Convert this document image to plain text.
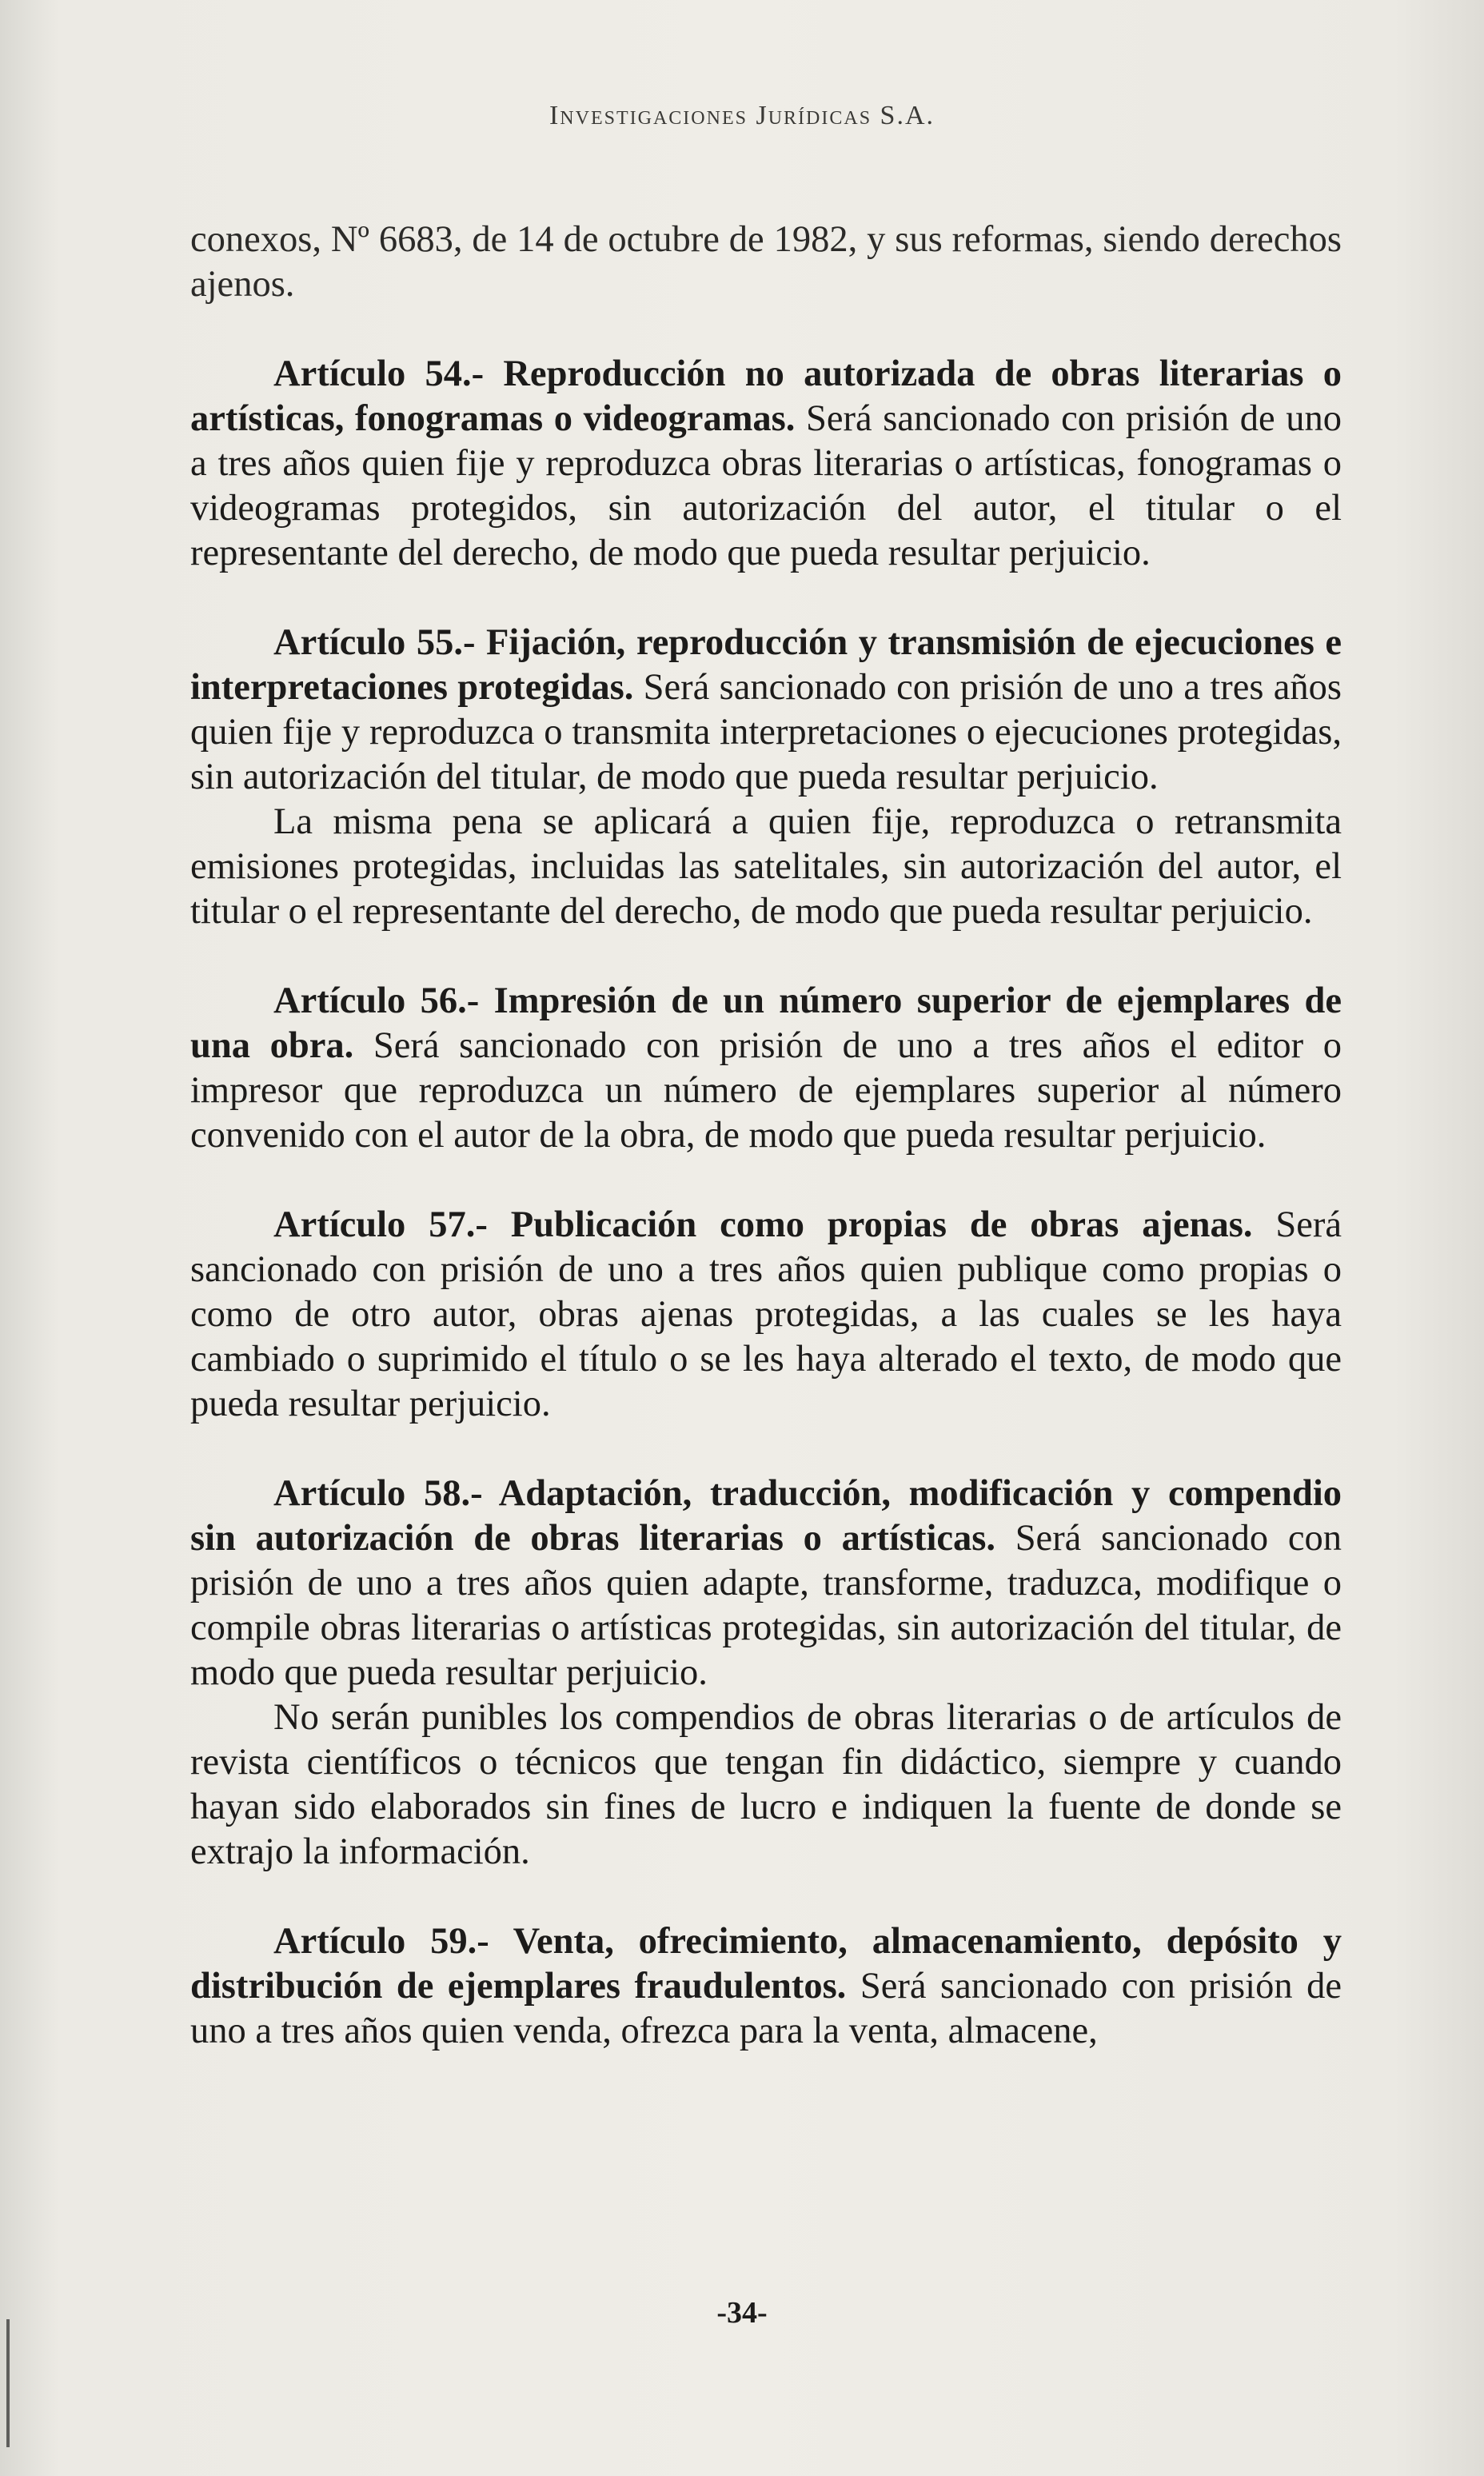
Investigaciones Jurídicas S.A.

conexos, Nº 6683, de 14 de octubre de 1982, y sus reformas, siendo derechos ajenos.

Artículo 54.- Reproducción no autorizada de obras literarias o artísticas, fonogramas o videogramas. Será sancionado con prisión de uno a tres años quien fije y reproduzca obras literarias o artísticas, fonogramas o videogramas protegidos, sin autorización del autor, el titular o el representante del derecho, de modo que pueda resultar perjuicio.

Artículo 55.- Fijación, reproducción y transmisión de ejecuciones e interpretaciones protegidas. Será sancionado con prisión de uno a tres años quien fije y reproduzca o transmita interpretaciones o ejecuciones protegidas, sin autorización del titular, de modo que pueda resultar perjuicio.

La misma pena se aplicará a quien fije, reproduzca o retransmita emisiones protegidas, incluidas las satelitales, sin autorización del autor, el titular o el representante del derecho, de modo que pueda resultar perjuicio.

Artículo 56.- Impresión de un número superior de ejemplares de una obra. Será sancionado con prisión de uno a tres años el editor o impresor que reproduzca un número de ejemplares superior al número convenido con el autor de la obra, de modo que pueda resultar perjuicio.

Artículo 57.- Publicación como propias de obras ajenas. Será sancionado con prisión de uno a tres años quien publique como propias o como de otro autor, obras ajenas protegidas, a las cuales se les haya cambiado o suprimido el título o se les haya alterado el texto, de modo que pueda resultar perjuicio.

Artículo 58.- Adaptación, traducción, modificación y compendio sin autorización de obras literarias o artísticas. Será sancionado con prisión de uno a tres años quien adapte, transforme, traduzca, modifique o compile obras literarias o artísticas protegidas, sin autorización del titular, de modo que pueda resultar perjuicio.

No serán punibles los compendios de obras literarias o de artículos de revista científicos o técnicos que tengan fin didáctico, siempre y cuando hayan sido elaborados sin fines de lucro e indiquen la fuente de donde se extrajo la información.

Artículo 59.- Venta, ofrecimiento, almacenamiento, depósito y distribución de ejemplares fraudulentos. Será sancionado con prisión de uno a tres años quien venda, ofrezca para la venta, almacene,

-34-
